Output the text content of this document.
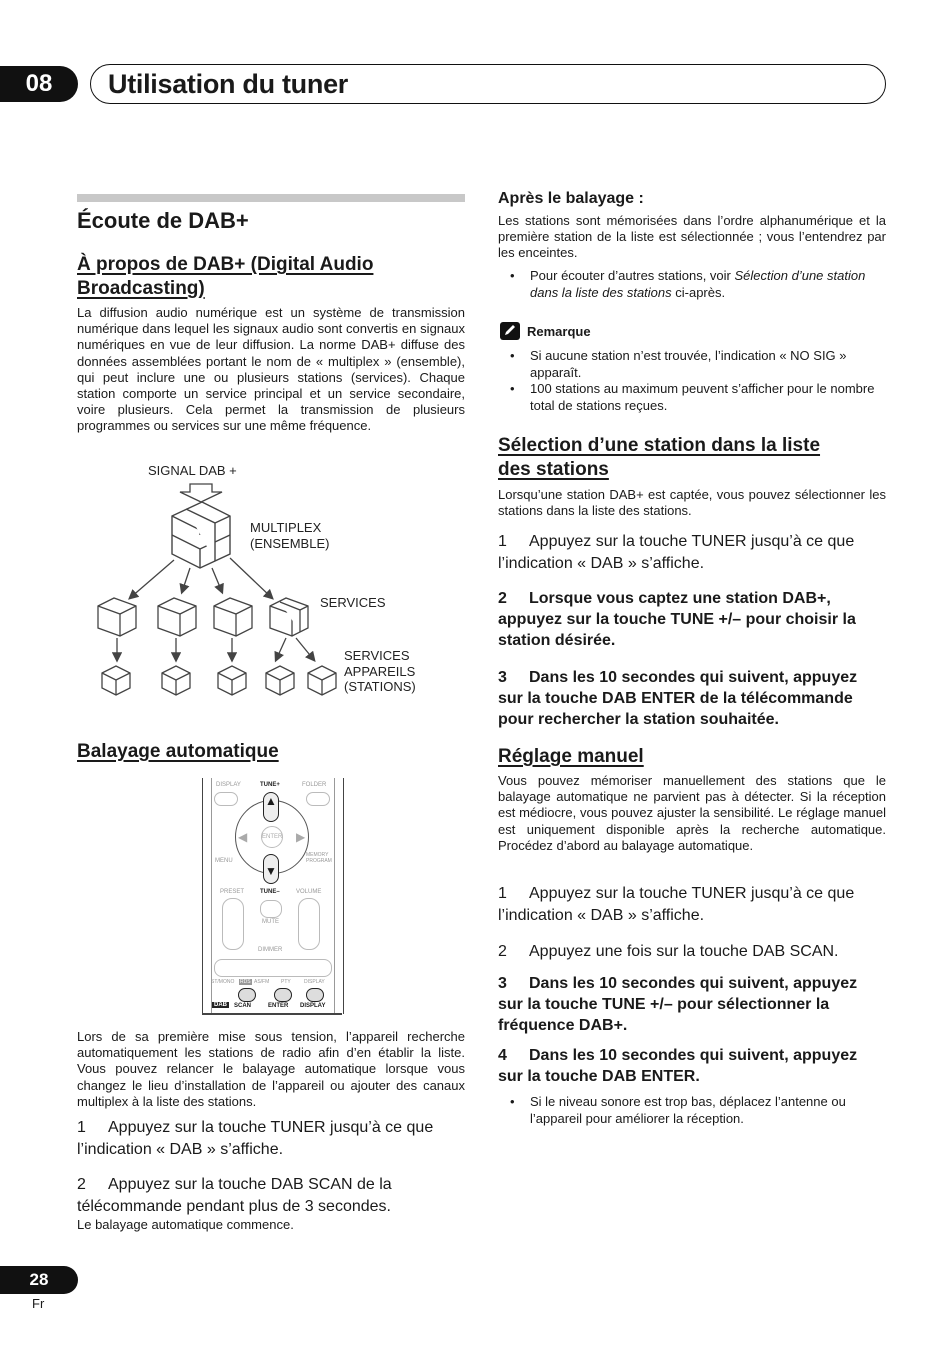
08	Utilisation du tuner
Écoute de DAB+
À propos de DAB+ (Digital Audio
Broadcasting)

La diffusion audio numérique est un système de transmission numérique dans lequel les signaux audio sont convertis en signaux numériques en vue de leur diffusion. La norme DAB+ diffuse des données assemblées portant le nom de « multiplex » (ensemble), qui peut inclure une ou plusieurs stations (services). Chaque station comporte un service principal et un service secondaire, voire plusieurs. Cela permet la transmission de plusieurs programmes ou services sur une même fréquence.

SIGNAL DAB +
MULTIPLEX
(ENSEMBLE)
SERVICES
SERVICES
APPAREILS
(STATIONS)
Balayage automatique
DISPLAY	TUNE+	FOLDER
ENTER
▲
▼
◀	▶
MENU
MEMORY
PROGRAM
PRESET	TUNE–	VOLUME
MUTE
DIMMER
ST/MONO RDS AS/FM PTY	DISPLAY
DAB	SCAN	ENTER DISPLAY

Lors de sa première mise sous tension, l’appareil recherche automatiquement les stations de radio afin d’en établir la liste. Vous pouvez relancer le balayage automatique lorsque vous changez le lieu d’installation de l’appareil ou ajouter des canaux multiplex à la liste des stations.

1 Appuyez sur la touche TUNER jusqu’à ce que l’indication « DAB » s’affiche.
2 Appuyez sur la touche DAB SCAN de la télécommande pendant plus de 3 secondes.

Le balayage automatique commence.

Après le balayage :

Les stations sont mémorisées dans l’ordre alphanumérique et la première station de la liste est sélectionnée ; vous l’entendrez par les enceintes.

• Pour écouter d’autres stations, voir Sélection d’une station dans la liste des stations ci-après.
Remarque
• Si aucune station n’est trouvée, l’indication « NO SIG » apparaît.
• 100 stations au maximum peuvent s’afficher pour le nombre total de stations reçues.
Sélection d’une station dans la liste
des stations

Lorsqu’une station DAB+ est captée, vous pouvez sélectionner les stations dans la liste des stations.

1 Appuyez sur la touche TUNER jusqu’à ce que l’indication « DAB » s’affiche.
2 Lorsque vous captez une station DAB+, appuyez sur la touche TUNE +/– pour choisir la station désirée.
3 Dans les 10 secondes qui suivent, appuyez sur la touche DAB ENTER de la télécommande pour rechercher la station souhaitée.
Réglage manuel

Vous pouvez mémoriser manuellement des stations que le balayage automatique ne parvient pas à détecter. Si la réception est médiocre, vous pouvez ajuster la sensibilité. Le réglage manuel est uniquement disponible après la recherche automatique. Procédez d’abord au balayage automatique.

1 Appuyez sur la touche TUNER jusqu’à ce que l’indication « DAB » s’affiche.
2 Appuyez une fois sur la touche DAB SCAN.
3 Dans les 10 secondes qui suivent, appuyez sur la touche TUNE +/– pour sélectionner la fréquence DAB+.
4 Dans les 10 secondes qui suivent, appuyez sur la touche DAB ENTER.
• Si le niveau sonore est trop bas, déplacez l’antenne ou l’appareil pour améliorer la réception.
28
Fr
